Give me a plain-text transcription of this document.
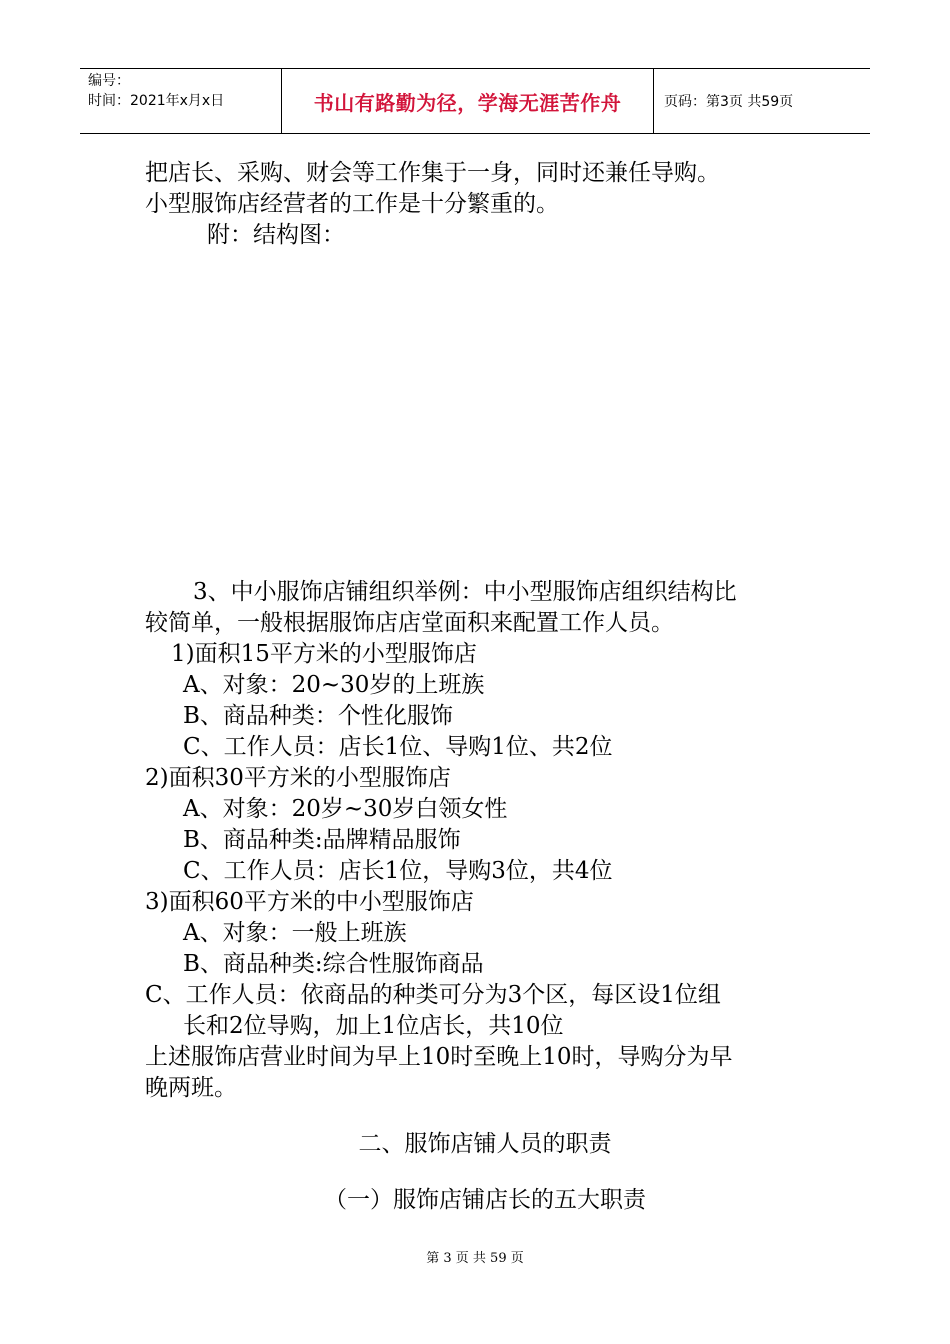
编号：
时间：2021年x月x日	书山有路勤为径，学海无涯苦作舟	页码：第3页 共59页

把店长、采购、财会等工作集于一身，同时还兼任导购。

小型服饰店经营者的工作是十分繁重的。

附：结构图：

3、中小服饰店铺组织举例：中小型服饰店组织结构比

较简单，一般根据服饰店店堂面积来配置工作人员。

1)面积15平方米的小型服饰店

A、对象：20~30岁的上班族

B、商品种类：个性化服饰

C、工作人员：店长1位、导购1位、共2位

2)面积30平方米的小型服饰店

A、对象：20岁~30岁白领女性

B、商品种类:品牌精品服饰

C、工作人员：店长1位，导购3位，共4位

3)面积60平方米的中小型服饰店

A、对象：一般上班族

B、商品种类:综合性服饰商品

C、工作人员：依商品的种类可分为3个区，每区设1位组

长和2位导购，加上1位店长，共10位

上述服饰店营业时间为早上10时至晚上10时，导购分为早

晚两班。

二、服饰店铺人员的职责

（一）服饰店铺店长的五大职责

第 3 页 共 59 页
